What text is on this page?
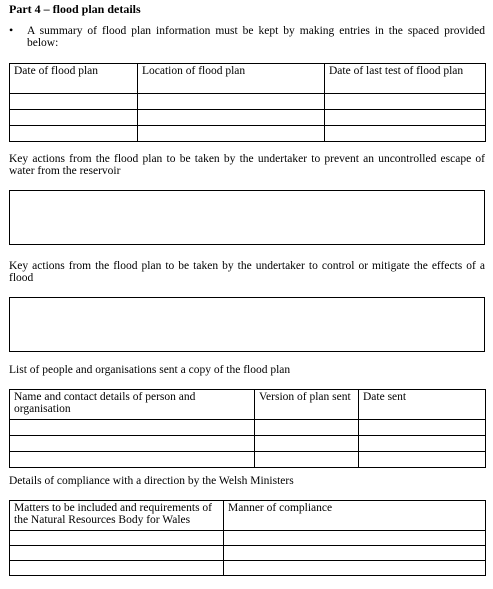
Part 4 – flood plan details
• A summary of flood plan information must be kept by making entries in the spaced provided below:
Date of flood plan	Location of flood plan	Date of last test of flood plan

Key actions from the flood plan to be taken by the undertaker to prevent an uncontrolled escape of water from the reservoir
Key actions from the flood plan to be taken by the undertaker to control or mitigate the effects of a flood
List of people and organisations sent a copy of the flood plan
Name and contact details of person and organisation	Version of plan sent	Date sent

Details of compliance with a direction by the Welsh Ministers
Matters to be included and requirements of the Natural Resources Body for Wales	Manner of compliance
